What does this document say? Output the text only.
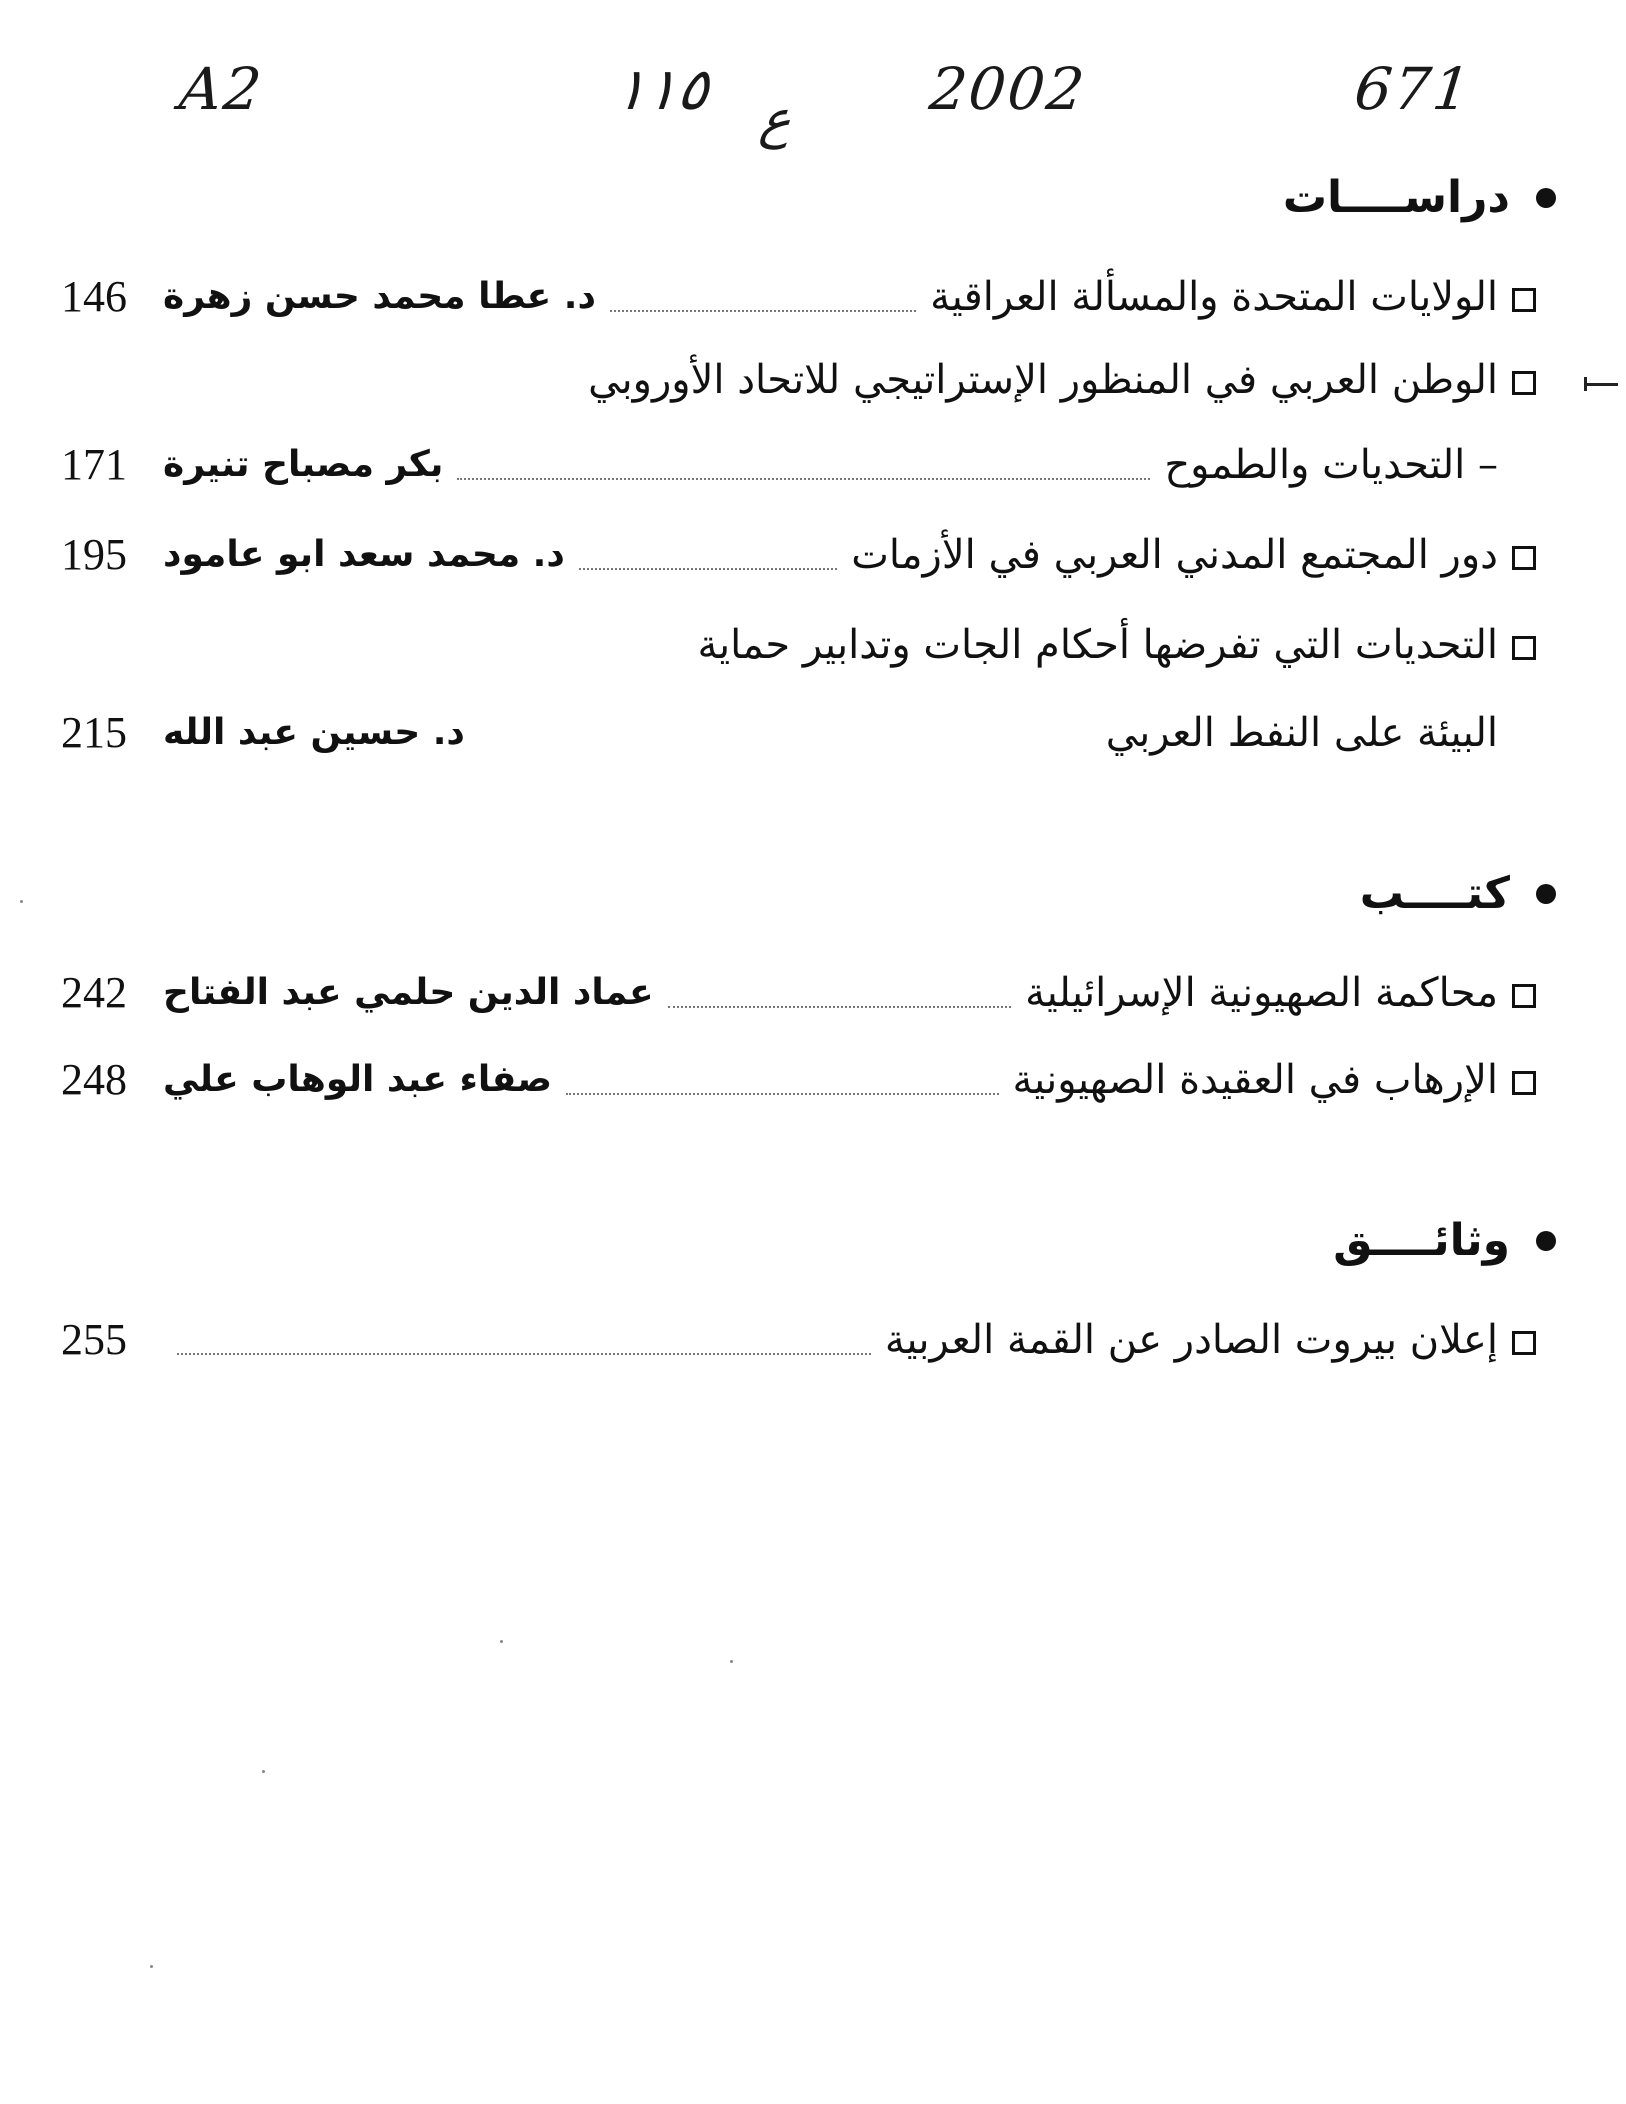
A2	١١٥ ع 2002	671
دراســــات
الولايات المتحدة والمسألة العراقية
د. عطا محمد حسن زهرة
146
الوطن العربي في المنظور الإستراتيجي للاتحاد الأوروبي
– التحديات والطموح
بكر مصباح تنيرة
171
دور المجتمع المدني العربي في الأزمات
د. محمد سعد ابو عامود
195
التحديات التي تفرضها أحكام الجات وتدابير حماية
البيئة على النفط العربي
د. حسين عبد الله
215
كتــــب
محاكمة الصهيونية الإسرائيلية
عماد الدين حلمي عبد الفتاح
242
الإرهاب في العقيدة الصهيونية
صفاء عبد الوهاب علي
248
وثائــــق
إعلان بيروت الصادر عن القمة العربية
255
